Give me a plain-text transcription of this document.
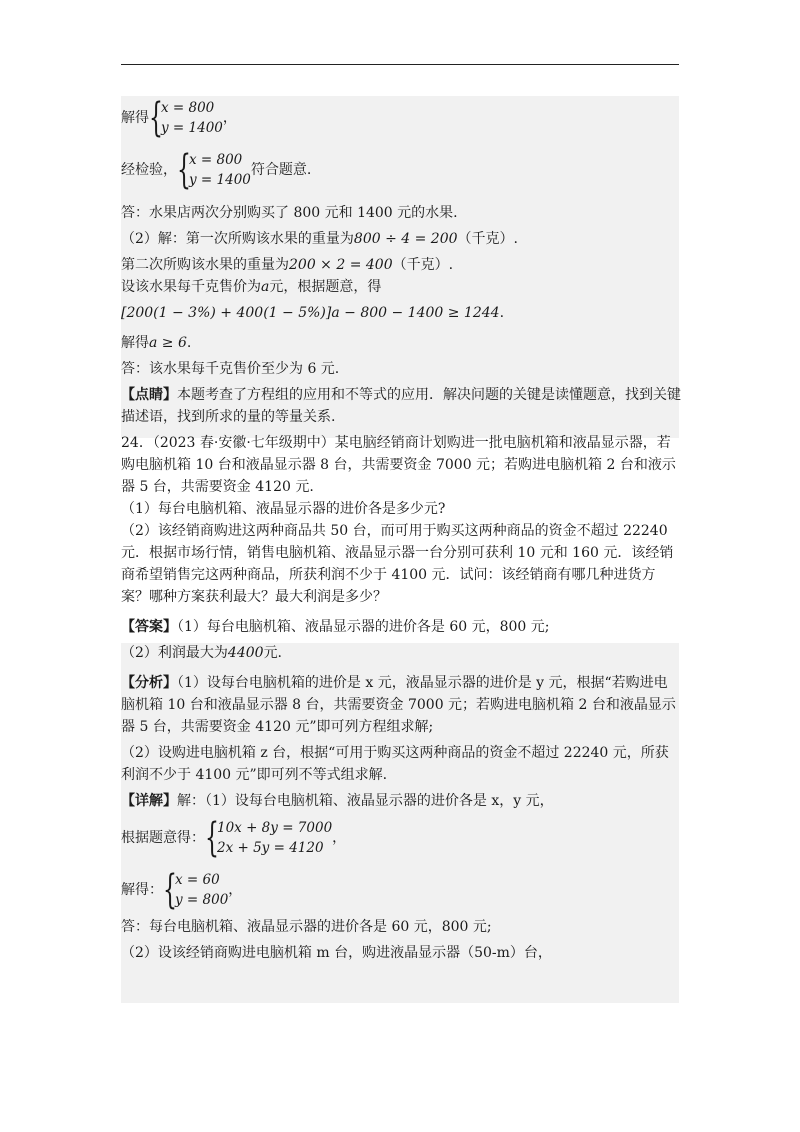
解得 {
x = 800
y = 1400
，
经检验， {
x = 800
y = 1400
符合题意.
答：水果店两次分别购买了 800 元和 1400 元的水果.
（2）解：第一次所购该水果的重量为800 ÷ 4 = 200（千克）.
第二次所购该水果的重量为200 × 2 = 400（千克）.
设该水果每千克售价为a元，根据题意，得
[200(1 − 3%) + 400(1 − 5%)]a − 800 − 1400 ≥ 1244.
解得a ≥ 6.
答：该水果每千克售价至少为 6 元.
【点睛】本题考查了方程组的应用和不等式的应用．解决问题的关键是读懂题意，找到关键描述语，找到所求的量的等量关系.
24．（2023 春·安徽·七年级期中）某电脑经销商计划购进一批电脑机箱和液晶显示器，若购电脑机箱 10 台和液晶显示器 8 台，共需要资金 7000 元；若购进电脑机箱 2 台和液示器 5 台，共需要资金 4120 元.
（1）每台电脑机箱、液晶显示器的进价各是多少元?
（2）该经销商购进这两种商品共 50 台，而可用于购买这两种商品的资金不超过 22240 元．根据市场行情，销售电脑机箱、液晶显示器一台分别可获利 10 元和 160 元．该经销商希望销售完这两种商品，所获利润不少于 4100 元．试问：该经销商有哪几种进货方案？哪种方案获利最大？最大利润是多少？
【答案】（1）每台电脑机箱、液晶显示器的进价各是 60 元，800 元;
（2）利润最大为4400元.
【分析】（1）设每台电脑机箱的进价是 x 元，液晶显示器的进价是 y 元，根据“若购进电脑机箱 10 台和液晶显示器 8 台，共需要资金 7000 元；若购进电脑机箱 2 台和液晶显示器 5 台，共需要资金 4120 元”即可列方程组求解;
（2）设购进电脑机箱 z 台，根据“可用于购买这两种商品的资金不超过 22240 元，所获利润不少于 4100 元”即可列不等式组求解.
【详解】解：（1）设每台电脑机箱、液晶显示器的进价各是 x，y 元，
根据题意得： {
10x + 8y = 7000
2x + 5y = 4120
，
解得： {
x = 60
y = 800
，
答：每台电脑机箱、液晶显示器的进价各是 60 元，800 元;
（2）设该经销商购进电脑机箱 m 台，购进液晶显示器（50-m）台，
